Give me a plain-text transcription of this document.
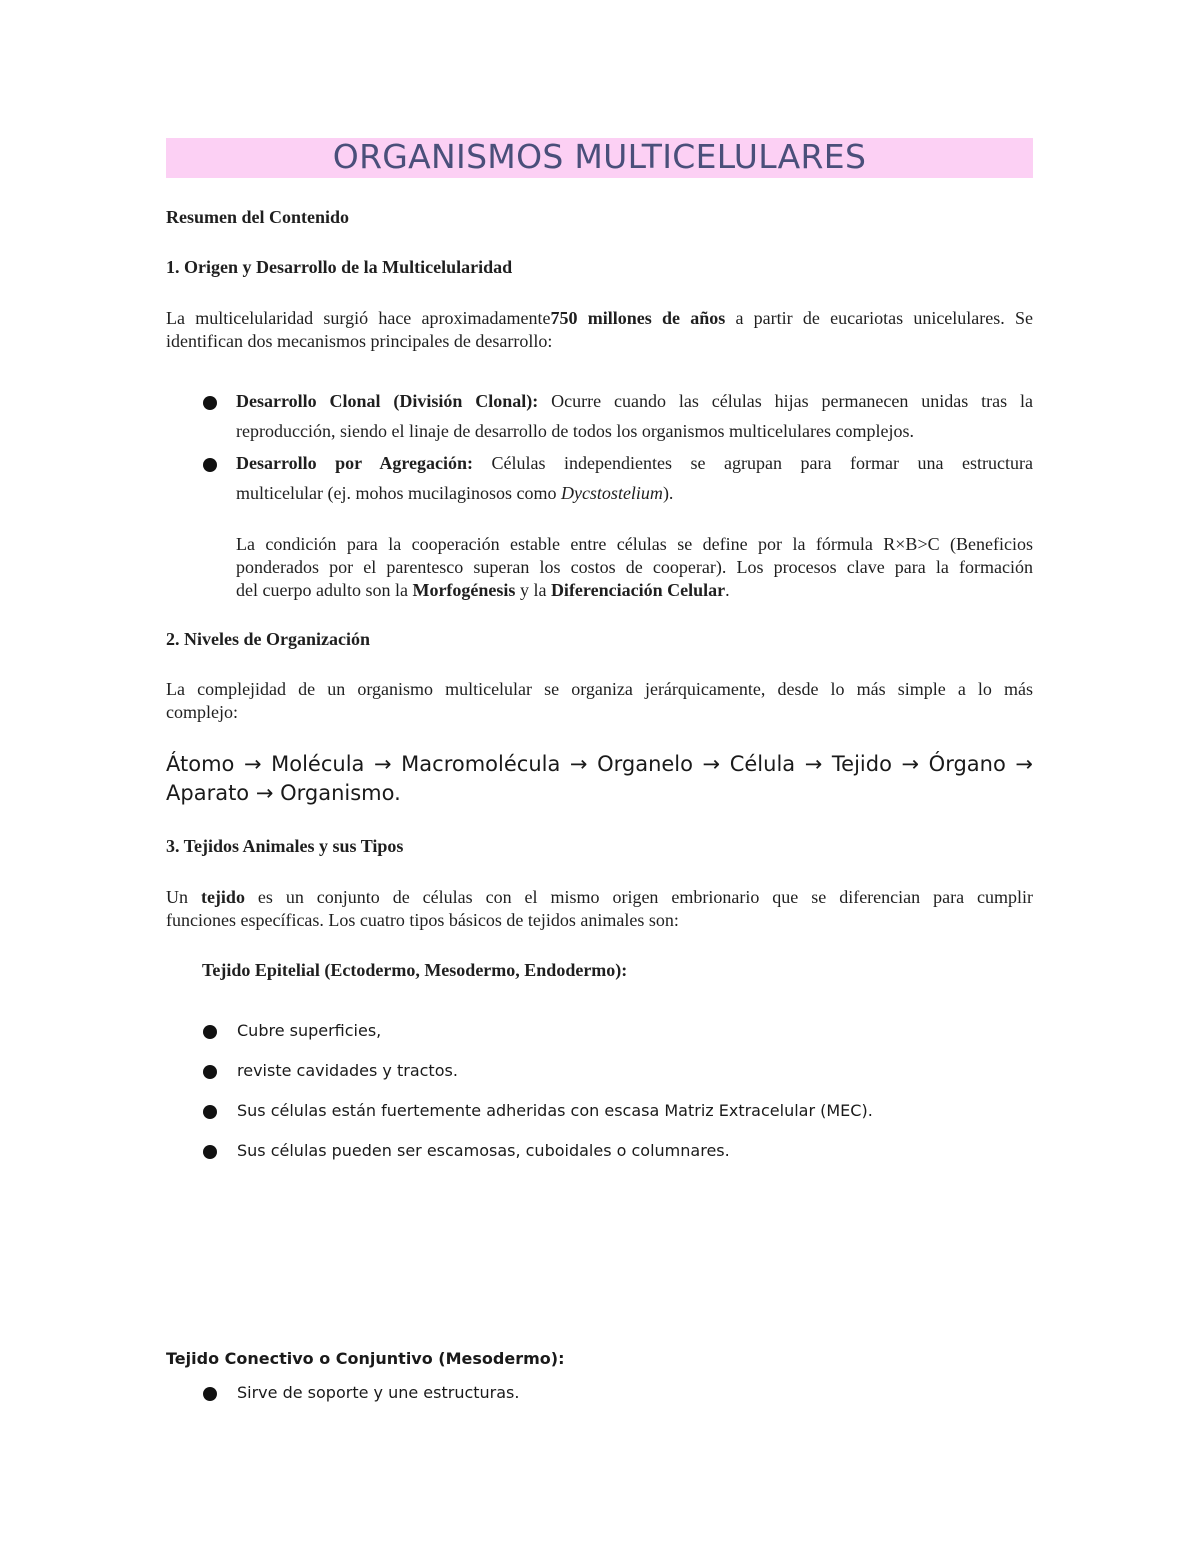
ORGANISMOS MULTICELULARES
Resumen del Contenido
1. Origen y Desarrollo de la Multicelularidad
La multicelularidad surgió hace aproximadamente750 millones de años a partir de eucariotas unicelulares. Se
identifican dos mecanismos principales de desarrollo:
Desarrollo Clonal (División Clonal): Ocurre cuando las células hijas permanecen unidas tras la
reproducción, siendo el linaje de desarrollo de todos los organismos multicelulares complejos.
Desarrollo por Agregación: Células independientes se agrupan para formar una estructura
multicelular (ej. mohos mucilaginosos como Dycstostelium).
La condición para la cooperación estable entre células se define por la fórmula R×B>C (Beneficios
ponderados por el parentesco superan los costos de cooperar). Los procesos clave para la formación
del cuerpo adulto son la Morfogénesis y la Diferenciación Celular.
2. Niveles de Organización
La complejidad de un organismo multicelular se organiza jerárquicamente, desde lo más simple a lo más
complejo:
Átomo → Molécula → Macromolécula → Organelo → Célula → Tejido → Órgano →
Aparato → Organismo.
3. Tejidos Animales y sus Tipos
Un tejido es un conjunto de células con el mismo origen embrionario que se diferencian para cumplir
funciones específicas. Los cuatro tipos básicos de tejidos animales son:
Tejido Epitelial (Ectodermo, Mesodermo, Endodermo):
Cubre superficies,
reviste cavidades y tractos.
Sus células están fuertemente adheridas con escasa Matriz Extracelular (MEC).
Sus células pueden ser escamosas, cuboidales o columnares.
Tejido Conectivo o Conjuntivo (Mesodermo):
Sirve de soporte y une estructuras.
